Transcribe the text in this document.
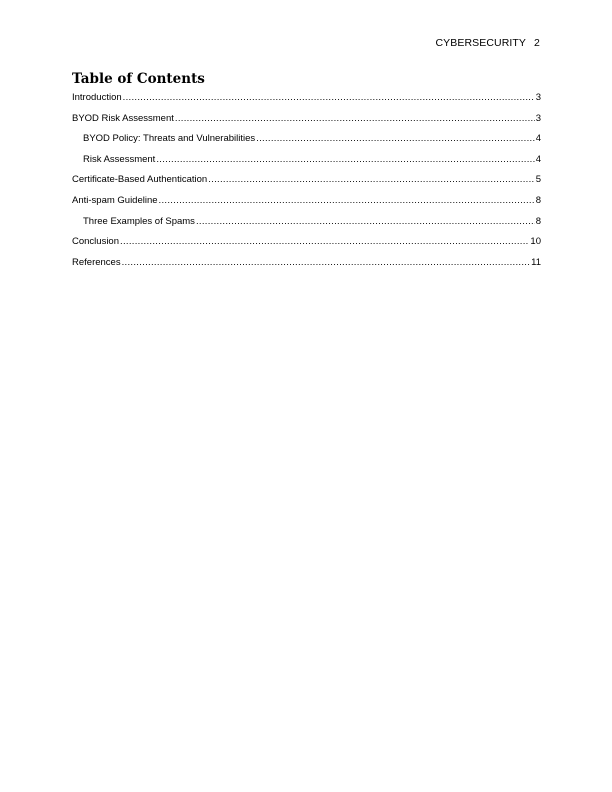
CYBERSECURITY 2
Table of Contents
Introduction .....	3
BYOD Risk Assessment .....	3
BYOD Policy: Threats and Vulnerabilities .....	4
Risk Assessment .....	4
Certificate-Based Authentication .....	5
Anti-spam Guideline .....	8
Three Examples of Spams .....	8
Conclusion .....	10
References .....	11
